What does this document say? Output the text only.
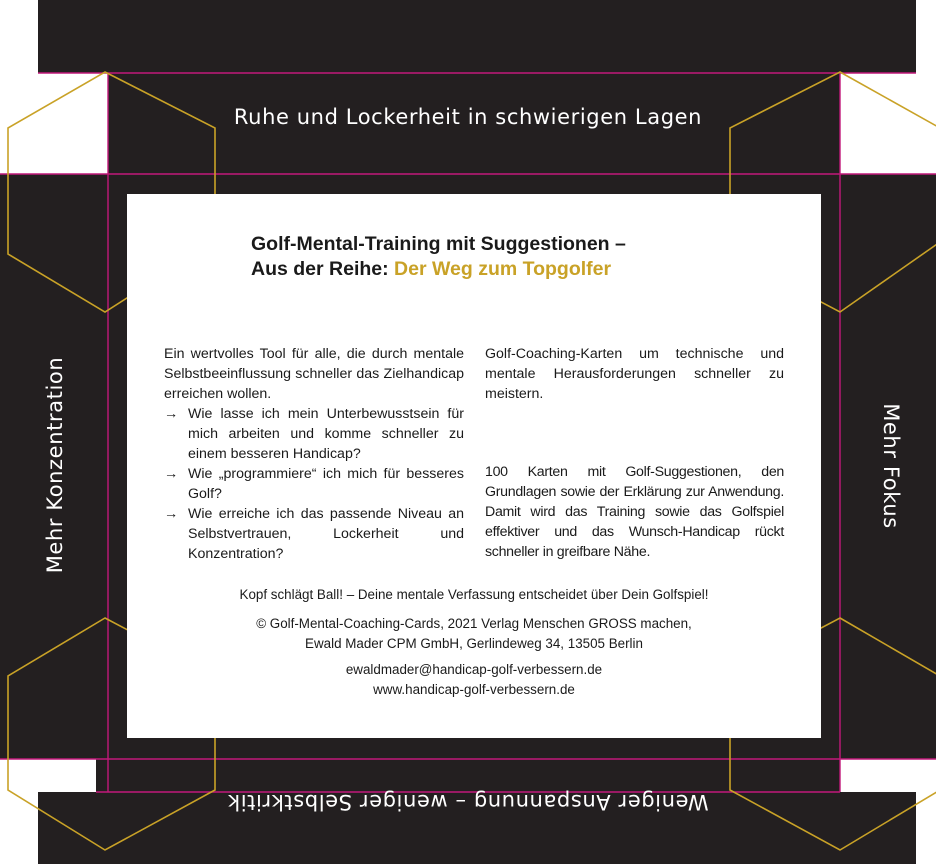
Ruhe und Lockerheit in schwierigen Lagen
Weniger Anspannung – weniger Selbstkritik
Mehr Konzentration	Mehr Fokus
Golf-Mental-Training mit Suggestionen –
Aus der Reihe: Der Weg zum Topgolfer
Ein wertvolles Tool für alle, die durch mentale Selbstbeeinflussung schneller das Zielhandicap erreichen wollen.
→ Wie lasse ich mein Unterbewusstsein für mich arbeiten und komme schneller zu einem besseren Handicap?
→ Wie „programmiere“ ich mich für besseres Golf?
→ Wie erreiche ich das passende Niveau an Selbstvertrauen, Lockerheit und Konzentration?
Golf-Coaching-Karten um technische und mentale Herausforderungen schneller zu meistern.
100 Karten mit Golf-Suggestionen, den Grundlagen sowie der Erklärung zur Anwendung. Damit wird das Training sowie das Golfspiel effektiver und das Wunsch-Handicap rückt schneller in greifbare Nähe.
Kopf schlägt Ball! – Deine mentale Verfassung entscheidet über Dein Golfspiel!
© Golf-Mental-Coaching-Cards, 2021 Verlag Menschen GROSS machen,
Ewald Mader CPM GmbH, Gerlindeweg 34, 13505 Berlin
ewaldmader@handicap-golf-verbessern.de
www.handicap-golf-verbessern.de
